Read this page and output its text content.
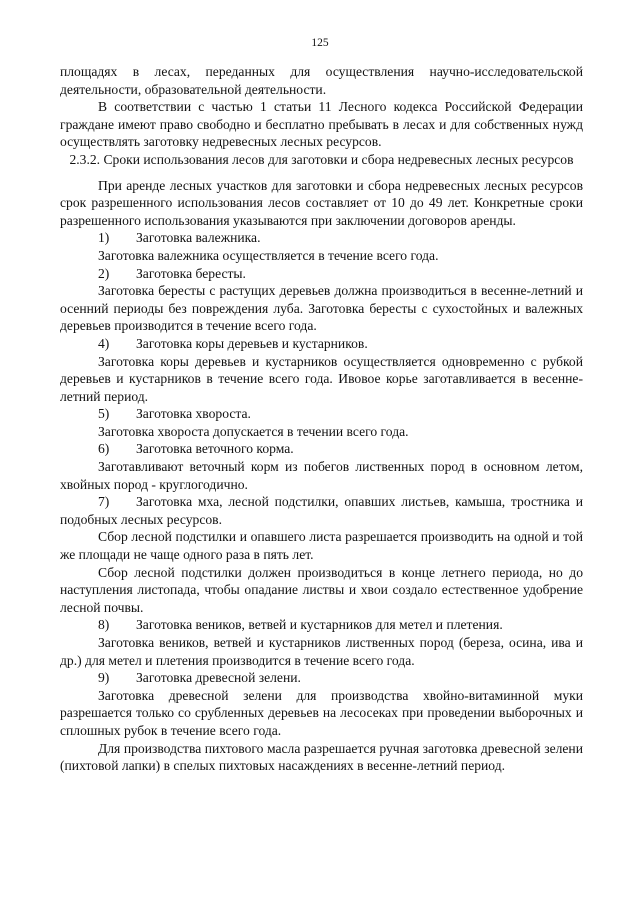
125

площадях в лесах, переданных для осуществления научно-исследовательской деятельности, образовательной деятельности.

В соответствии с частью 1 статьи 11 Лесного кодекса Российской Федерации граждане имеют право свободно и бесплатно пребывать в лесах и для собственных нужд осуществлять заготовку недревесных лесных ресурсов.

2.3.2. Сроки использования лесов для заготовки и сбора недревесных лесных ресурсов

При аренде лесных участков для заготовки и сбора недревесных лесных ресурсов срок разрешенного использования лесов составляет от 10 до 49 лет. Конкретные сроки разрешенного использования указываются при заключении договоров аренды.

1) Заготовка валежника.

Заготовка валежника осуществляется в течение всего года.

2) Заготовка бересты.

Заготовка бересты с растущих деревьев должна производиться в весенне-летний и осенний периоды без повреждения луба. Заготовка бересты с сухостойных и валежных деревьев производится в течение всего года.

4) Заготовка коры деревьев и кустарников.

Заготовка коры деревьев и кустарников осуществляется одновременно с рубкой деревьев и кустарников в течение всего года. Ивовое корье заготавливается в весенне-летний период.

5) Заготовка хвороста.

Заготовка хвороста допускается в течении всего года.

6) Заготовка веточного корма.

Заготавливают веточный корм из побегов лиственных пород в основном летом, хвойных пород - круглогодично.

7) Заготовка мха, лесной подстилки, опавших листьев, камыша, тростника и подобных лесных ресурсов.

Сбор лесной подстилки и опавшего листа разрешается производить на одной и той же площади не чаще одного раза в пять лет.

Сбор лесной подстилки должен производиться в конце летнего периода, но до наступления листопада, чтобы опадание листвы и хвои создало естественное удобрение лесной почвы.

8) Заготовка веников, ветвей и кустарников для метел и плетения.

Заготовка веников, ветвей и кустарников лиственных пород (береза, осина, ива и др.) для метел и плетения производится в течение всего года.

9) Заготовка древесной зелени.

Заготовка древесной зелени для производства хвойно-витаминной муки разрешается только со срубленных деревьев на лесосеках при проведении выборочных и сплошных рубок в течение всего года.

Для производства пихтового масла разрешается ручная заготовка древесной зелени (пихтовой лапки) в спелых пихтовых насаждениях в весенне-летний период.
